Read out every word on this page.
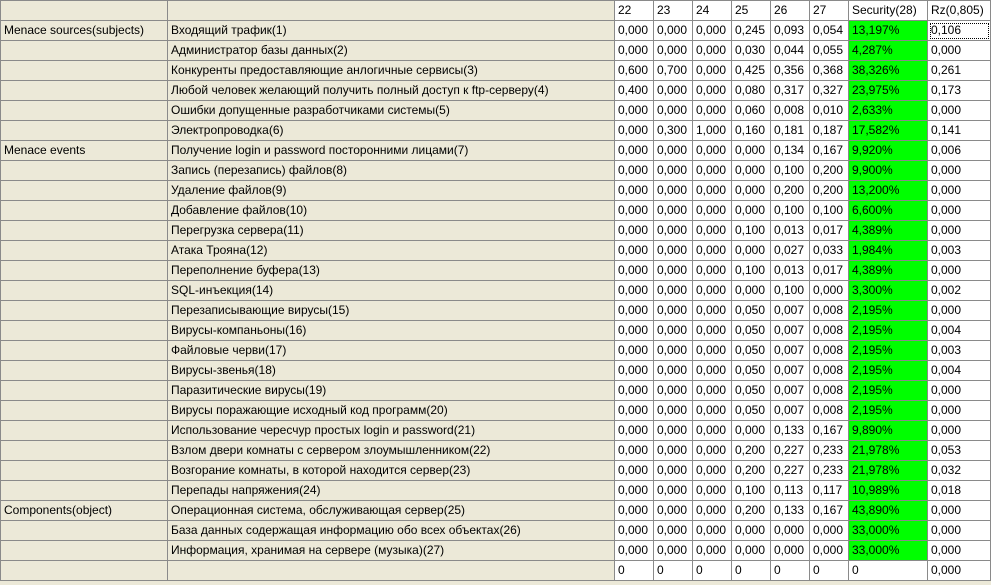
		22	23	24	25	26	27	Security(28)	Rz(0,805)
Menace sources(subjects)	Входящий трафик(1)	0,000	0,000	0,000	0,245	0,093	0,054	13,197%	0,106
	Администратор базы данных(2)	0,000	0,000	0,000	0,030	0,044	0,055	4,287%	0,000
	Конкуренты предоставляющие анлогичные сервисы(3)	0,600	0,700	0,000	0,425	0,356	0,368	38,326%	0,261
	Любой человек желающий получить полный доступ к ftp-серверу(4)	0,400	0,000	0,000	0,080	0,317	0,327	23,975%	0,173
	Ошибки допущенные разработчиками системы(5)	0,000	0,000	0,000	0,060	0,008	0,010	2,633%	0,000
	Электропроводка(6)	0,000	0,300	1,000	0,160	0,181	0,187	17,582%	0,141
Menace events	Получение login и password посторонними лицами(7)	0,000	0,000	0,000	0,000	0,134	0,167	9,920%	0,006
	Запись (перезапись) файлов(8)	0,000	0,000	0,000	0,000	0,100	0,200	9,900%	0,000
	Удаление файлов(9)	0,000	0,000	0,000	0,000	0,200	0,200	13,200%	0,000
	Добавление файлов(10)	0,000	0,000	0,000	0,000	0,100	0,100	6,600%	0,000
	Перегрузка сервера(11)	0,000	0,000	0,000	0,100	0,013	0,017	4,389%	0,000
	Атака Трояна(12)	0,000	0,000	0,000	0,000	0,027	0,033	1,984%	0,003
	Переполнение буфера(13)	0,000	0,000	0,000	0,100	0,013	0,017	4,389%	0,000
	SQL-инъекция(14)	0,000	0,000	0,000	0,000	0,100	0,000	3,300%	0,002
	Перезаписывающие вирусы(15)	0,000	0,000	0,000	0,050	0,007	0,008	2,195%	0,000
	Вирусы-компаньоны(16)	0,000	0,000	0,000	0,050	0,007	0,008	2,195%	0,004
	Файловые черви(17)	0,000	0,000	0,000	0,050	0,007	0,008	2,195%	0,003
	Вирусы-звенья(18)	0,000	0,000	0,000	0,050	0,007	0,008	2,195%	0,004
	Паразитические вирусы(19)	0,000	0,000	0,000	0,050	0,007	0,008	2,195%	0,000
	Вирусы поражающие исходный код программ(20)	0,000	0,000	0,000	0,050	0,007	0,008	2,195%	0,000
	Использование чересчур простых login и password(21)	0,000	0,000	0,000	0,000	0,133	0,167	9,890%	0,000
	Взлом двери комнаты с сервером злоумышленником(22)	0,000	0,000	0,000	0,200	0,227	0,233	21,978%	0,053
	Возгорание комнаты, в которой находится сервер(23)	0,000	0,000	0,000	0,200	0,227	0,233	21,978%	0,032
	Перепады напряжения(24)	0,000	0,000	0,000	0,100	0,113	0,117	10,989%	0,018
Components(object)	Операционная система, обслуживающая сервер(25)	0,000	0,000	0,000	0,200	0,133	0,167	43,890%	0,000
	База данных содержащая информацию обо всех объектах(26)	0,000	0,000	0,000	0,000	0,000	0,000	33,000%	0,000
	Информация, хранимая на сервере (музыка)(27)	0,000	0,000	0,000	0,000	0,000	0,000	33,000%	0,000
		0	0	0	0	0	0	0	0,000
